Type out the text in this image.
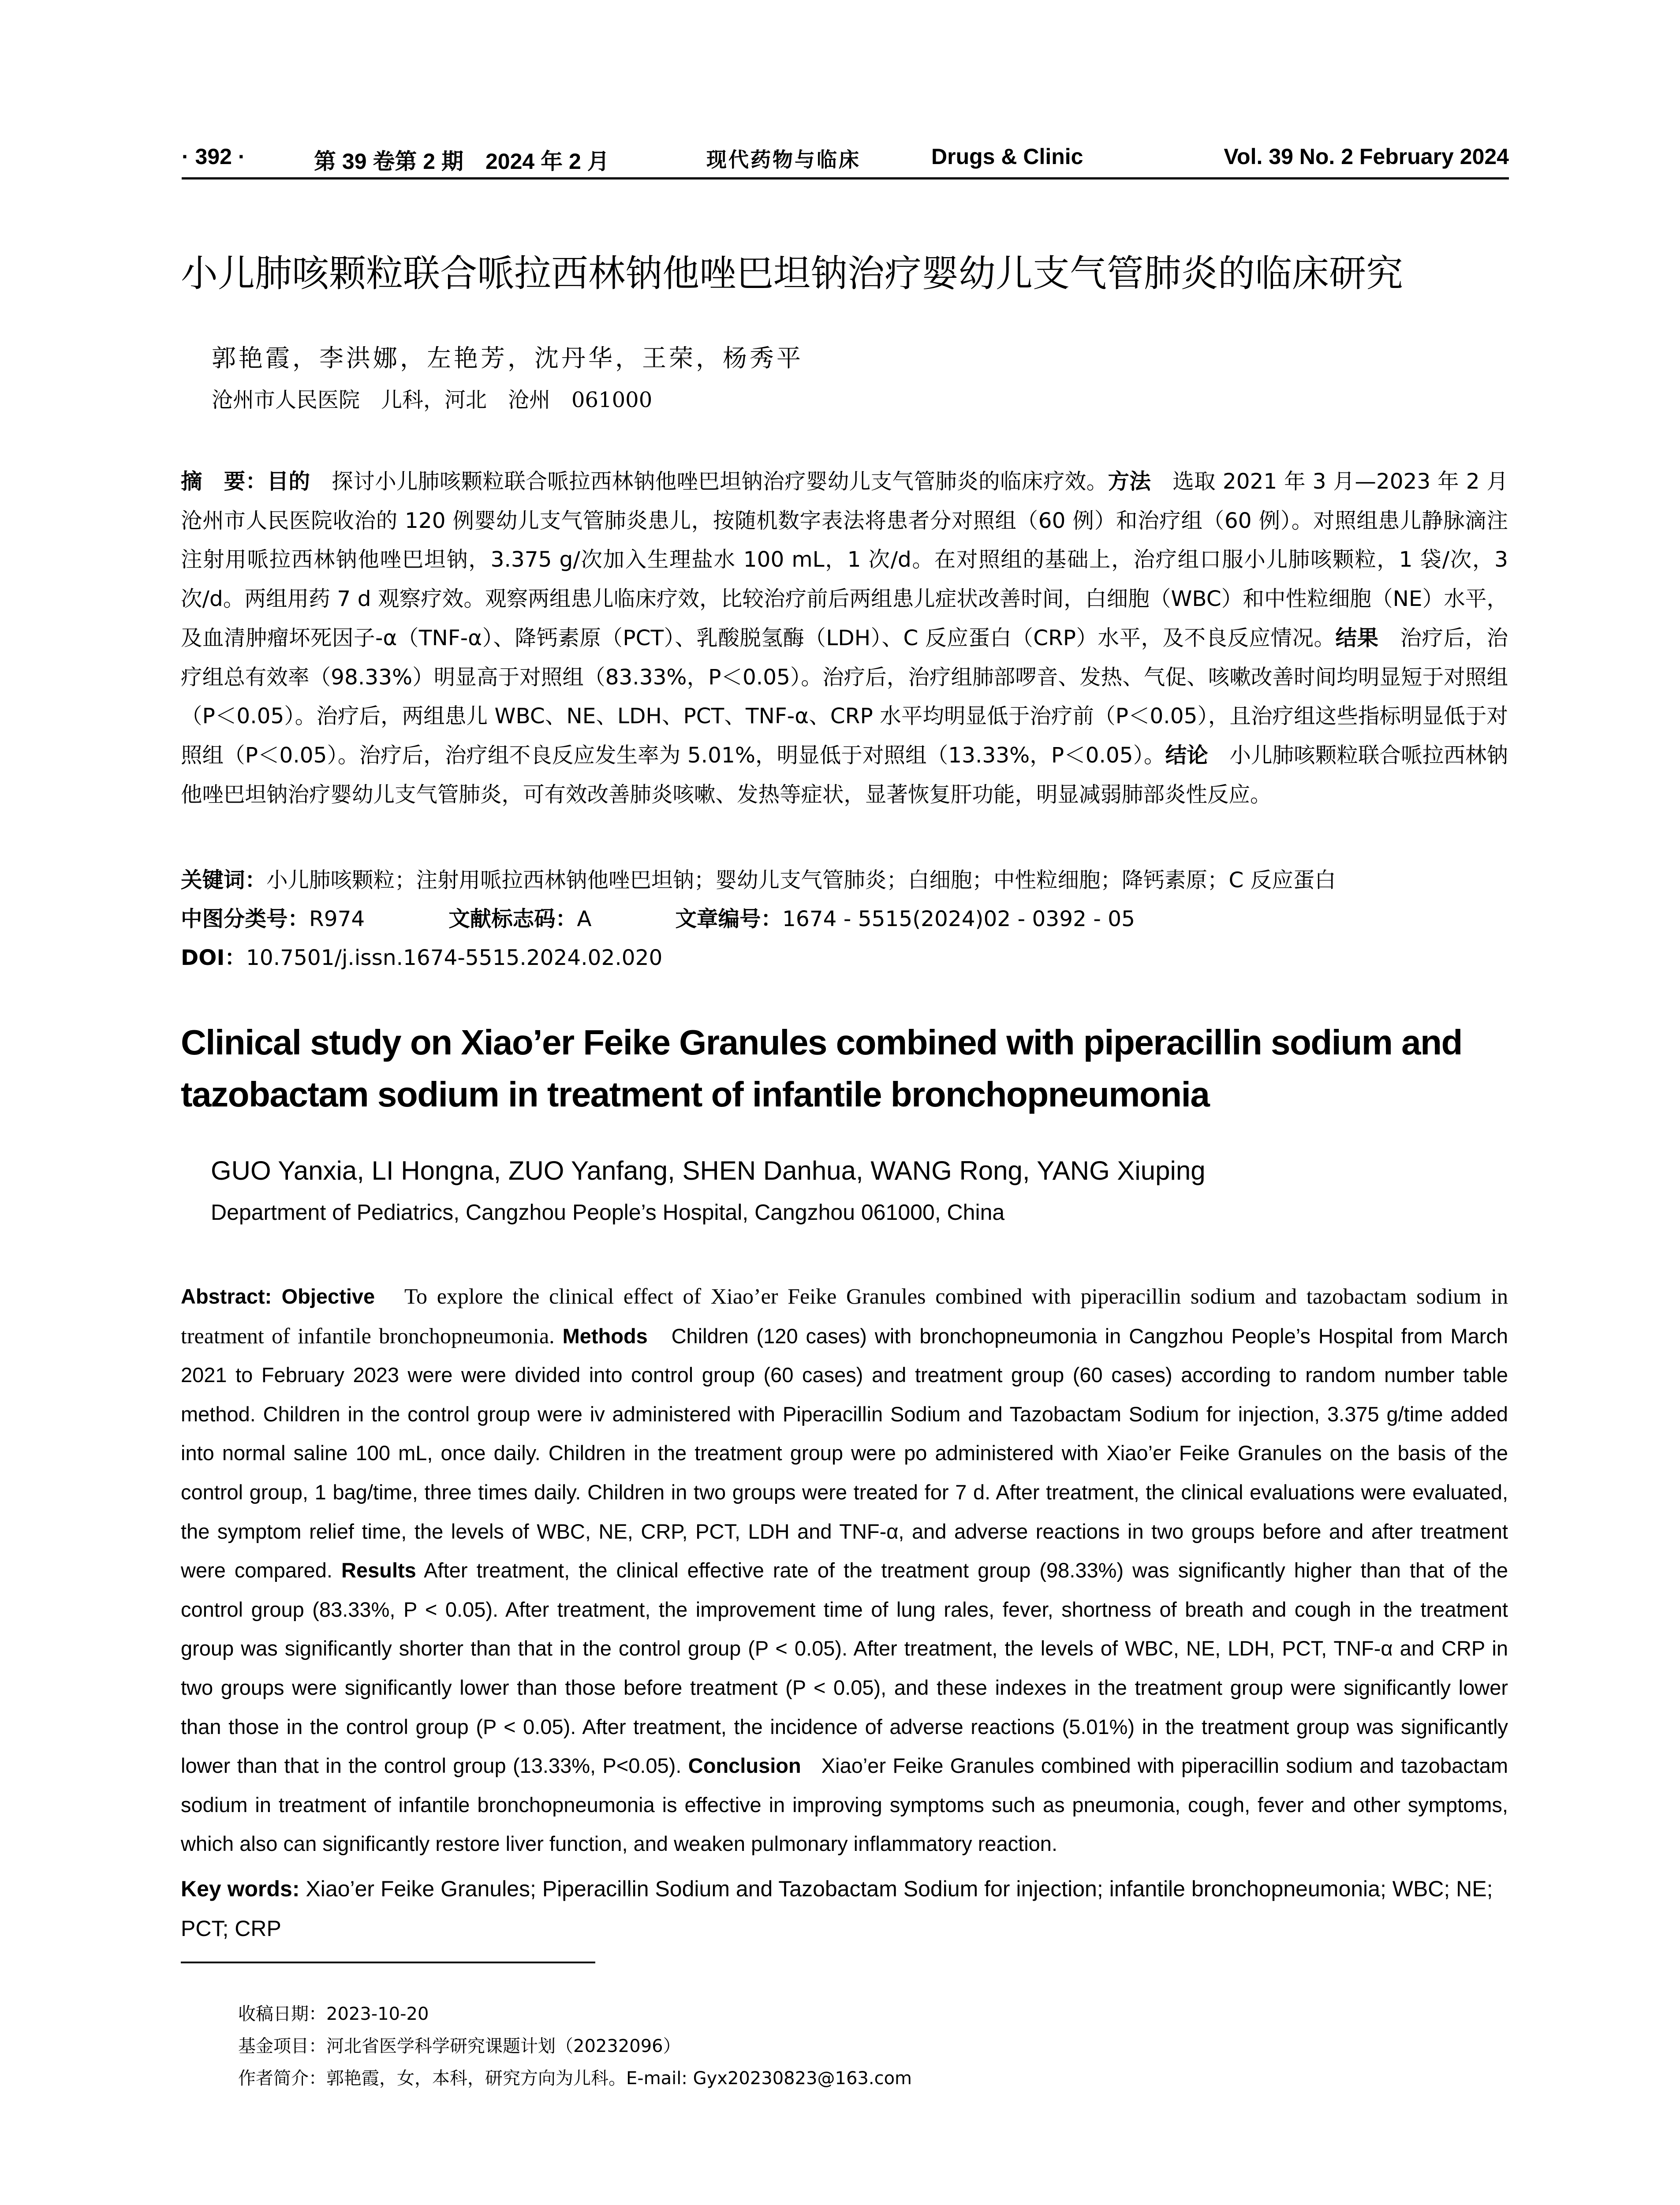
· 392 ·	第 39 卷第 2 期　2024 年 2 月	现代药物与临床	Drugs & Clinic	Vol. 39 No. 2 February 2024
小儿肺咳颗粒联合哌拉西林钠他唑巴坦钠治疗婴幼儿支气管肺炎的临床研究
郭艳霞，李洪娜，左艳芳，沈丹华，王荣，杨秀平
沧州市人民医院　儿科，河北　沧州　061000
摘　要：目的　 探讨小儿肺咳颗粒联合哌拉西林钠他唑巴坦钠治疗婴幼儿支气管肺炎的临床疗效。方法　 选取 2021 年 3 月—2023 年 2 月沧州市人民医院收治的 120 例婴幼儿支气管肺炎患儿，按随机数字表法将患者分对照组（60 例）和治疗组（60 例）。对照组患儿静脉滴注注射用哌拉西林钠他唑巴坦钠，3.375 g/次加入生理盐水 100 mL，1 次/d。在对照组的基础上，治疗组口服小儿肺咳颗粒，1 袋/次，3 次/d。两组用药 7 d 观察疗效。观察两组患儿临床疗效，比较治疗前后两组患儿症状改善时间，白细胞（WBC）和中性粒细胞（NE）水平，及血清肿瘤坏死因子-α（TNF-α）、降钙素原（PCT）、乳酸脱氢酶（LDH）、C 反应蛋白（CRP）水平，及不良反应情况。结果　 治疗后，治疗组总有效率（98.33%）明显高于对照组（83.33%，P＜0.05）。治疗后，治疗组肺部啰音、发热、气促、咳嗽改善时间均明显短于对照组（P＜0.05）。治疗后，两组患儿 WBC、NE、LDH、PCT、TNF-α、CRP 水平均明显低于治疗前（P＜0.05），且治疗组这些指标明显低于对照组（P＜0.05）。治疗后，治疗组不良反应发生率为 5.01%，明显低于对照组（13.33%，P＜0.05）。结论　 小儿肺咳颗粒联合哌拉西林钠他唑巴坦钠治疗婴幼儿支气管肺炎，可有效改善肺炎咳嗽、发热等症状，显著恢复肝功能，明显减弱肺部炎性反应。
关键词：小儿肺咳颗粒；注射用哌拉西林钠他唑巴坦钠；婴幼儿支气管肺炎；白细胞；中性粒细胞；降钙素原；C 反应蛋白
中图分类号：R974	文献标志码：A	文章编号：1674 - 5515(2024)02 - 0392 - 05
DOI：10.7501/j.issn.1674-5515.2024.02.020
Clinical study on Xiao’er Feike Granules combined with piperacillin sodium and tazobactam sodium in treatment of infantile bronchopneumonia
GUO Yanxia, LI Hongna, ZUO Yanfang, SHEN Danhua, WANG Rong, YANG Xiuping
Department of Pediatrics, Cangzhou People’s Hospital, Cangzhou 061000, China
Abstract: Objective To explore the clinical effect of Xiao’er Feike Granules combined with piperacillin sodium and tazobactam sodium in treatment of infantile bronchopneumonia. Methods Children (120 cases) with bronchopneumonia in Cangzhou People’s Hospital from March 2021 to February 2023 were were divided into control group (60 cases) and treatment group (60 cases) according to random number table method. Children in the control group were iv administered with Piperacillin Sodium and Tazobactam Sodium for injection, 3.375 g/time added into normal saline 100 mL, once daily. Children in the treatment group were po administered with Xiao’er Feike Granules on the basis of the control group, 1 bag/time, three times daily. Children in two groups were treated for 7 d. After treatment, the clinical evaluations were evaluated, the symptom relief time, the levels of WBC, NE, CRP, PCT, LDH and TNF-α, and adverse reactions in two groups before and after treatment were compared. Results After treatment, the clinical effective rate of the treatment group (98.33%) was significantly higher than that of the control group (83.33%, P < 0.05). After treatment, the improvement time of lung rales, fever, shortness of breath and cough in the treatment group was significantly shorter than that in the control group (P < 0.05). After treatment, the levels of WBC, NE, LDH, PCT, TNF-α and CRP in two groups were significantly lower than those before treatment (P < 0.05), and these indexes in the treatment group were significantly lower than those in the control group (P < 0.05). After treatment, the incidence of adverse reactions (5.01%) in the treatment group was significantly lower than that in the control group (13.33%, P<0.05). Conclusion Xiao’er Feike Granules combined with piperacillin sodium and tazobactam sodium in treatment of infantile bronchopneumonia is effective in improving symptoms such as pneumonia, cough, fever and other symptoms, which also can significantly restore liver function, and weaken pulmonary inflammatory reaction.
Key words: Xiao’er Feike Granules; Piperacillin Sodium and Tazobactam Sodium for injection; infantile bronchopneumonia; WBC; NE; PCT; CRP
收稿日期：2023-10-20
基金项目：河北省医学科学研究课题计划（20232096）
作者简介：郭艳霞，女，本科，研究方向为儿科。E-mail: Gyx20230823@163.com
